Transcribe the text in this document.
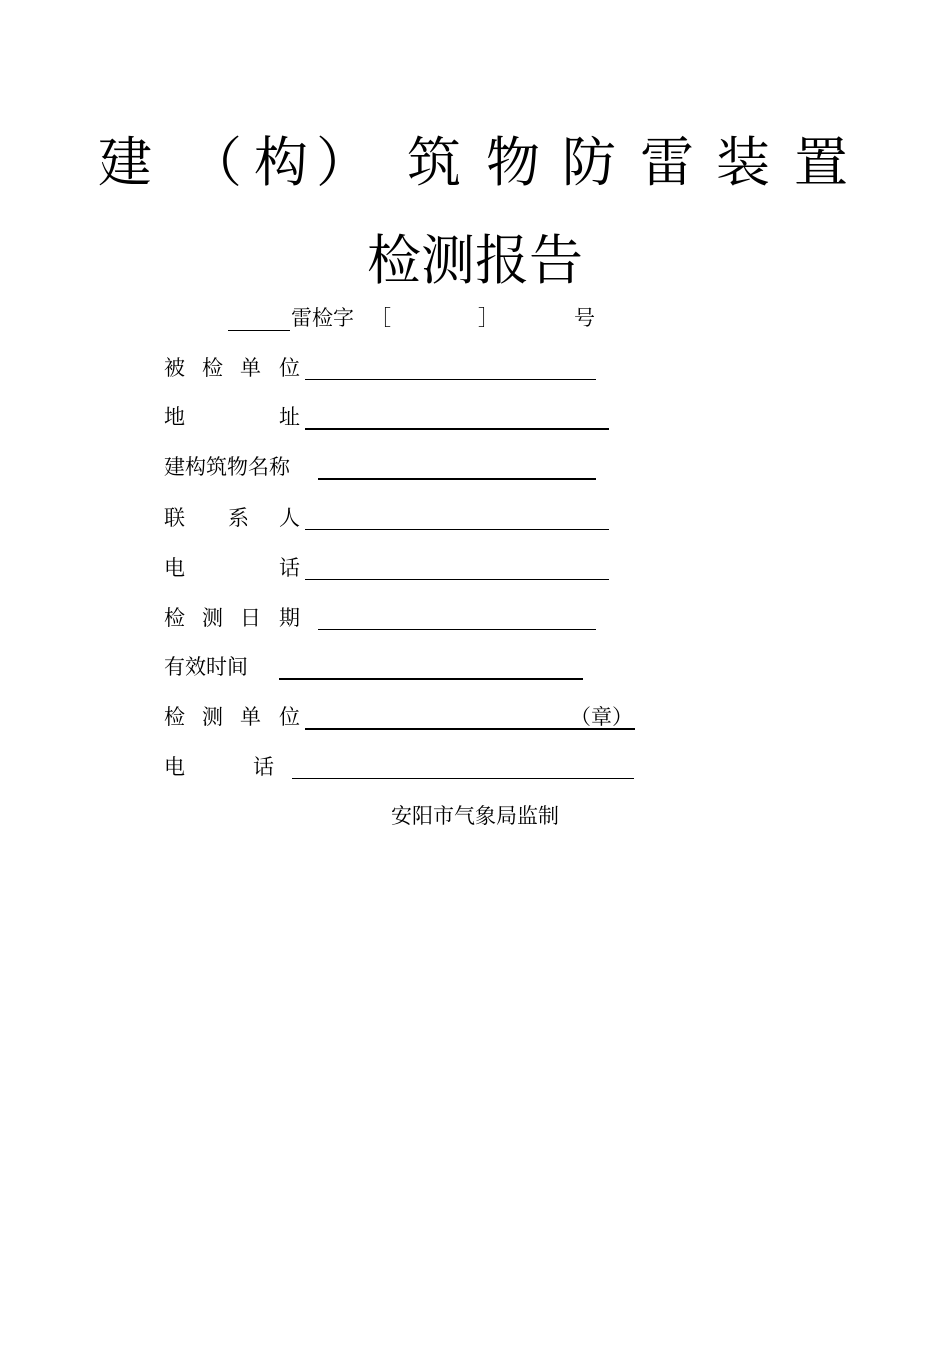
建 （ 构 ） 筑 物 防 雷 装 置
检测报告
雷检字 ［	］	号
被 检 单 位
地	址
建构筑物名称
联 系 人
电	话
检 测 日 期
有效时间
检 测 单 位	（章）
电	话
安阳市气象局监制
